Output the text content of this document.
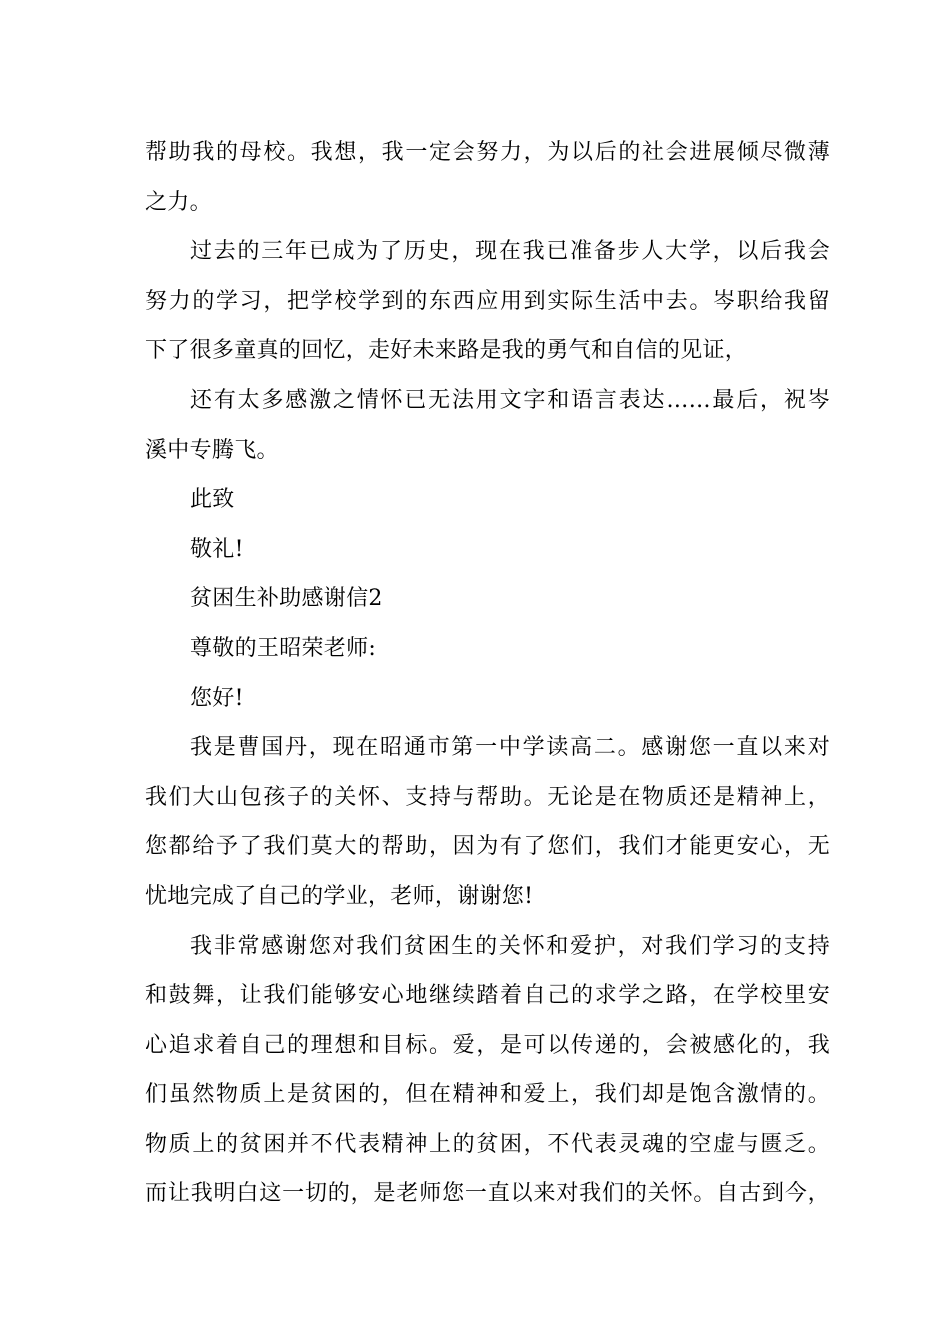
帮助我的母校。我想，我一定会努力，为以后的社会进展倾尽微薄
之力。
过去的三年已成为了历史，现在我已准备步人大学，以后我会
努力的学习，把学校学到的东西应用到实际生活中去。岑职给我留
下了很多童真的回忆，走好未来路是我的勇气和自信的见证，
还有太多感激之情怀已无法用文字和语言表达……最后，祝岑
溪中专腾飞。
此致
敬礼!
贫困生补助感谢信2
尊敬的王昭荣老师:
您好!
我是曹国丹，现在昭通市第一中学读高二。感谢您一直以来对
我们大山包孩子的关怀、支持与帮助。无论是在物质还是精神上，
您都给予了我们莫大的帮助，因为有了您们，我们才能更安心，无
忧地完成了自己的学业，老师，谢谢您!
我非常感谢您对我们贫困生的关怀和爱护，对我们学习的支持
和鼓舞，让我们能够安心地继续踏着自己的求学之路，在学校里安
心追求着自己的理想和目标。爱，是可以传递的，会被感化的，我
们虽然物质上是贫困的，但在精神和爱上，我们却是饱含激情的。
物质上的贫困并不代表精神上的贫困，不代表灵魂的空虚与匮乏。
而让我明白这一切的，是老师您一直以来对我们的关怀。自古到今，
